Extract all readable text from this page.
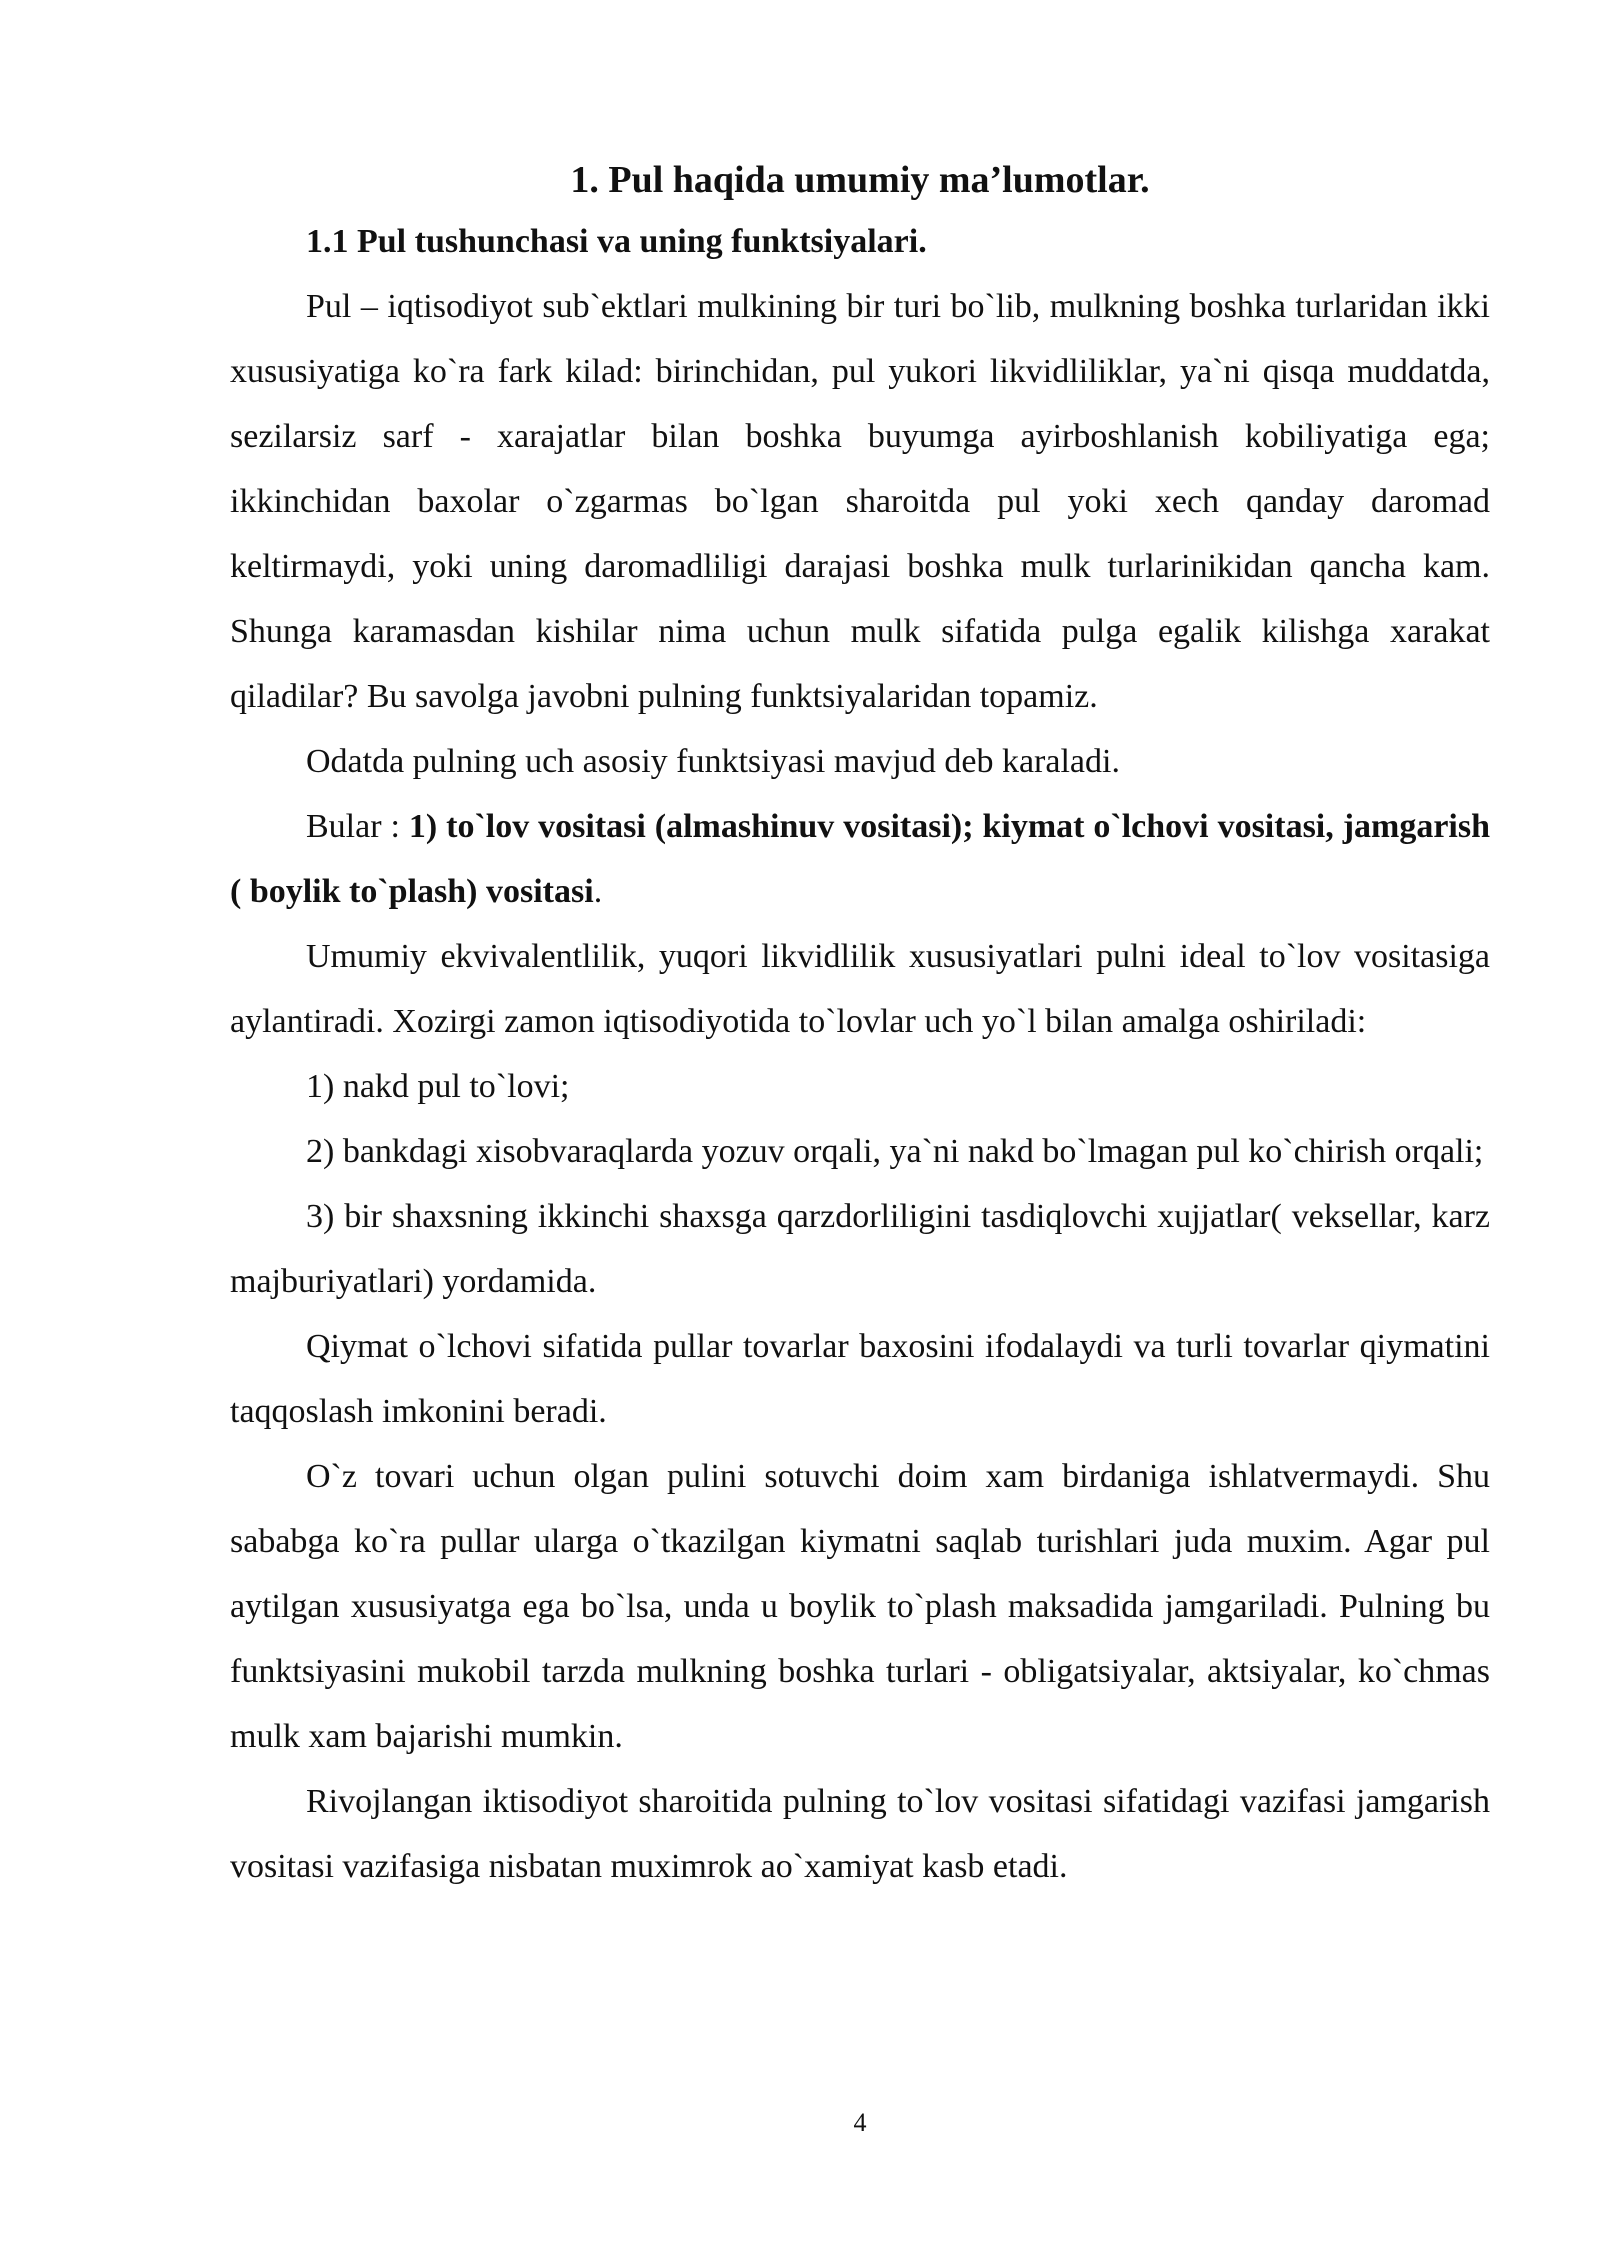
1. Pul haqida umumiy ma’lumotlar.
1.1 Pul tushunchasi va uning funktsiyalari.

Pul – iqtisodiyot sub`ektlari mulkining bir turi bo`lib, mulkning boshka turlaridan ikki xususiyatiga ko`ra fark kilad: birinchidan, pul yukori likvidliliklar, ya`ni qisqa muddatda, sezilarsiz sarf - xarajatlar bilan boshka buyumga ayirboshlanish kobiliyatiga ega; ikkinchidan baxolar o`zgarmas bo`lgan sharoitda pul yoki xech qanday daromad keltirmaydi, yoki uning daromadliligi darajasi boshka mulk turlarinikidan qancha kam. Shunga karamasdan kishilar nima uchun mulk sifatida pulga egalik kilishga xarakat qiladilar? Bu savolga javobni pulning funktsiyalaridan topamiz.

Odatda pulning uch asosiy funktsiyasi mavjud deb karaladi.

Bular : 1) to`lov vositasi (almashinuv vositasi); kiymat o`lchovi vositasi, jamgarish ( boylik to`plash) vositasi.

Umumiy ekvivalentlilik, yuqori likvidlilik xususiyatlari pulni ideal to`lov vositasiga aylantiradi. Xozirgi zamon iqtisodiyotida to`lovlar uch yo`l bilan amalga oshiriladi:

1) nakd pul to`lovi;

2) bankdagi xisobvaraqlarda yozuv orqali, ya`ni nakd bo`lmagan pul ko`chirish orqali;

3) bir shaxsning ikkinchi shaxsga qarzdorliligini tasdiqlovchi xujjatlar( veksellar, karz majburiyatlari) yordamida.

Qiymat o`lchovi sifatida pullar tovarlar baxosini ifodalaydi va turli tovarlar qiymatini taqqoslash imkonini beradi.

O`z tovari uchun olgan pulini sotuvchi doim xam birdaniga ishlatvermaydi. Shu sababga ko`ra pullar ularga o`tkazilgan kiymatni saqlab turishlari juda muxim. Agar pul aytilgan xususiyatga ega bo`lsa, unda u boylik to`plash maksadida jamgariladi. Pulning bu funktsiyasini mukobil tarzda mulkning boshka turlari - obligatsiyalar, aktsiyalar, ko`chmas mulk xam bajarishi mumkin.

Rivojlangan iktisodiyot sharoitida pulning to`lov vositasi sifatidagi vazifasi jamgarish vositasi vazifasiga nisbatan muximrok ao`xamiyat kasb etadi.

4
